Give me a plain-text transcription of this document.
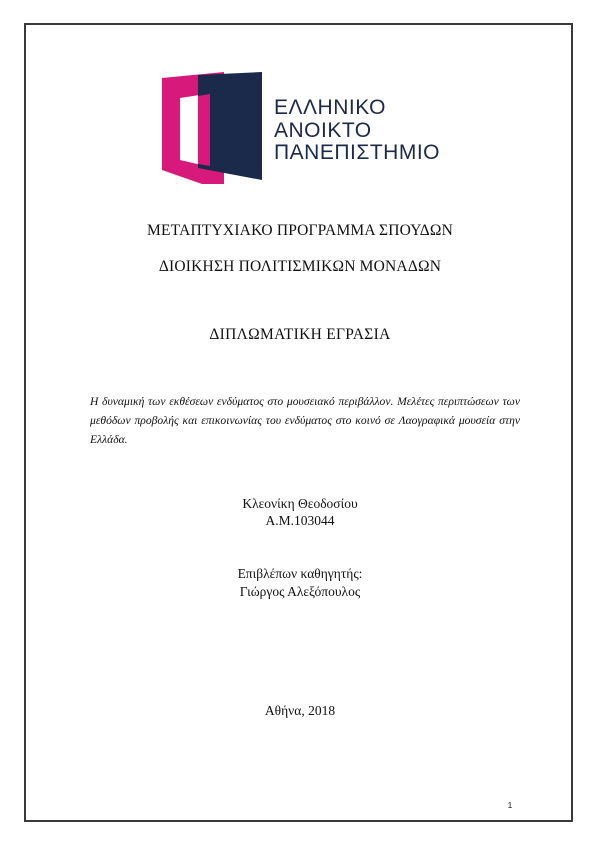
ΕΛΛΗΝΙΚΟ
ΑΝΟΙΚΤΟ
ΠΑΝΕΠΙΣΤΗΜΙΟ
ΜΕΤΑΠΤΥΧΙΑΚΟ ΠΡΟΓΡΑΜΜΑ ΣΠΟΥΔΩΝ
ΔΙΟΙΚΗΣΗ ΠΟΛΙΤΙΣΜΙΚΩΝ ΜΟΝΑΔΩΝ
ΔΙΠΛΩΜΑΤΙΚΗ ΕΓΡΑΣΙΑ
Η δυναμική των εκθέσεων ενδύματος στο μουσειακό περιβάλλον. Μελέτες περιπτώσεων των μεθόδων προβολής και επικοινωνίας του ενδύματος στο κοινό σε Λαογραφικά μουσεία στην Ελλάδα.
Κλεονίκη Θεοδοσίου
Α.Μ.103044
Επιβλέπων καθηγητής:
Γιώργος Αλεξόπουλος
Αθήνα, 2018
1
